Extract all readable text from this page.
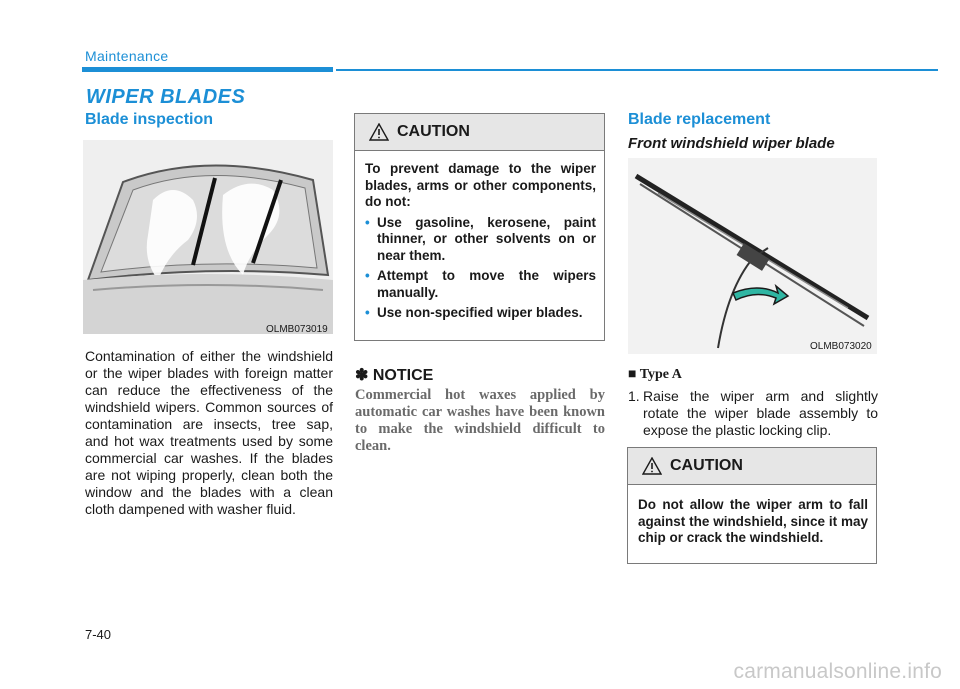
Maintenance
WIPER BLADES
Blade inspection
OLMB073019
Contamination of either the windshield or the wiper blades with foreign matter can reduce the effectiveness of the windshield wipers. Common sources of contamination are insects, tree sap, and hot wax treatments used by some commercial car washes. If the blades are not wiping properly, clean both the window and the blades with a clean cloth dampened with washer fluid.
CAUTION

To prevent damage to the wiper blades, arms or other components, do not:

• Use gasoline, kerosene, paint thinner, or other solvents on or near them.
• Attempt to move the wipers manually.
• Use non-specified wiper blades.
✽ NOTICE
Commercial hot waxes applied by automatic car washes have been known to make the windshield difficult to clean.
Blade replacement
Front windshield wiper blade
OLMB073020
■ Type A
1. Raise the wiper arm and slightly rotate the wiper blade assembly to expose the plastic locking clip.
CAUTION

Do not allow the wiper arm to fall against the windshield, since it may chip or crack the windshield.

7-40
carmanualsonline.info
